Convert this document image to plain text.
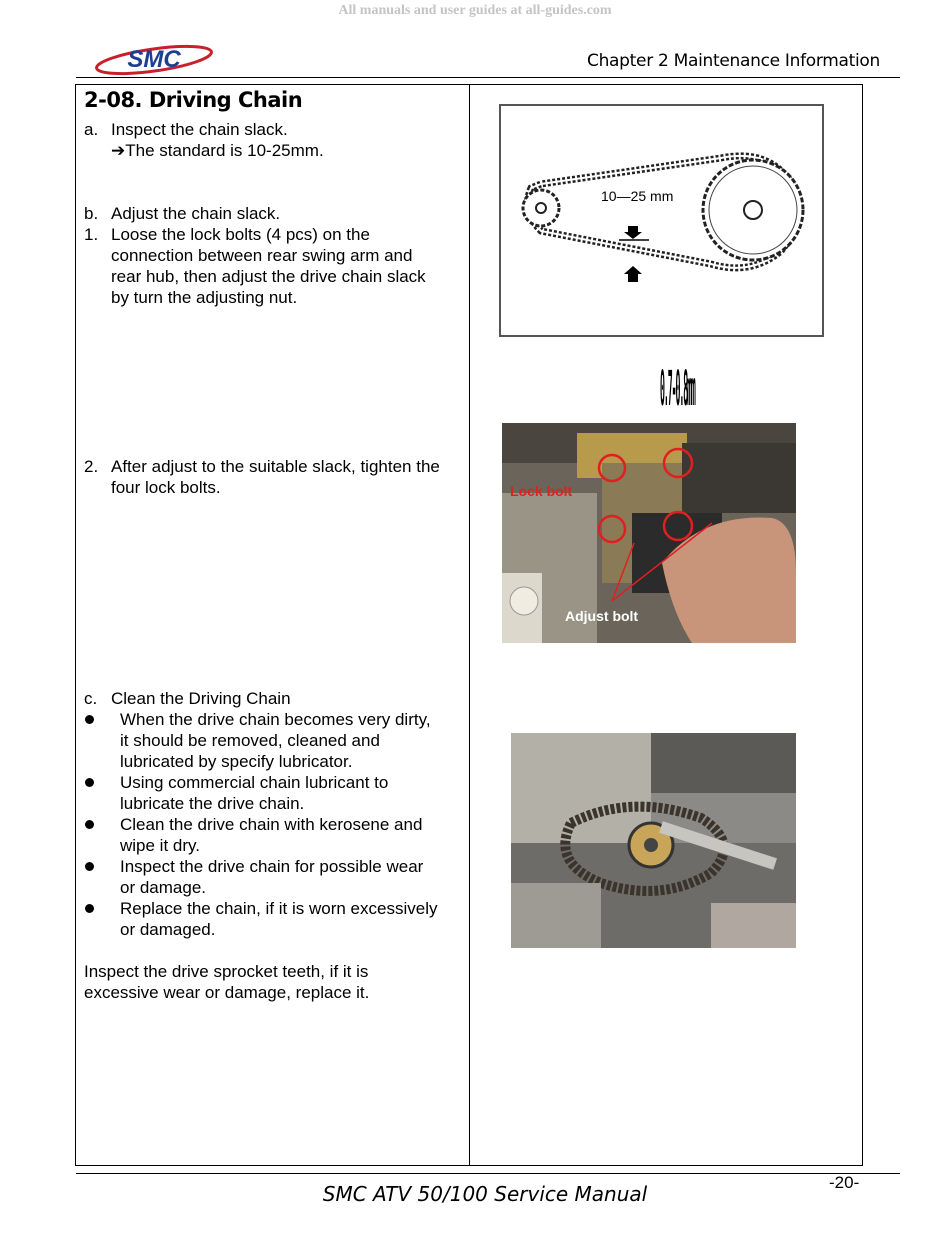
All manuals and user guides at all-guides.com
SMC	Chapter 2 Maintenance Information
2-08. Driving Chain
a. Inspect the chain slack.
➔The standard is 10-25mm.
b. Adjust the chain slack.
1. Loose the lock bolts (4 pcs) on the
connection between rear swing arm and
rear hub, then adjust the drive chain slack
by turn the adjusting nut.
2. After adjust to the suitable slack, tighten the
four lock bolts.
c. Clean the Driving Chain
When the drive chain becomes very dirty,
it should be removed, cleaned and
lubricated by specify lubricator.
Using commercial chain lubricant to
lubricate the drive chain.
Clean the drive chain with kerosene and
wipe it dry.
Inspect the drive chain for possible wear
or damage.
Replace the chain, if it is worn excessively
or damaged.
Inspect the drive sprocket teeth, if it is
excessive wear or damage, replace it.
10—25 mm
0.7-0.8mm
Lock bolt
Adjust bolt
SMC ATV 50/100 Service Manual	-20-
